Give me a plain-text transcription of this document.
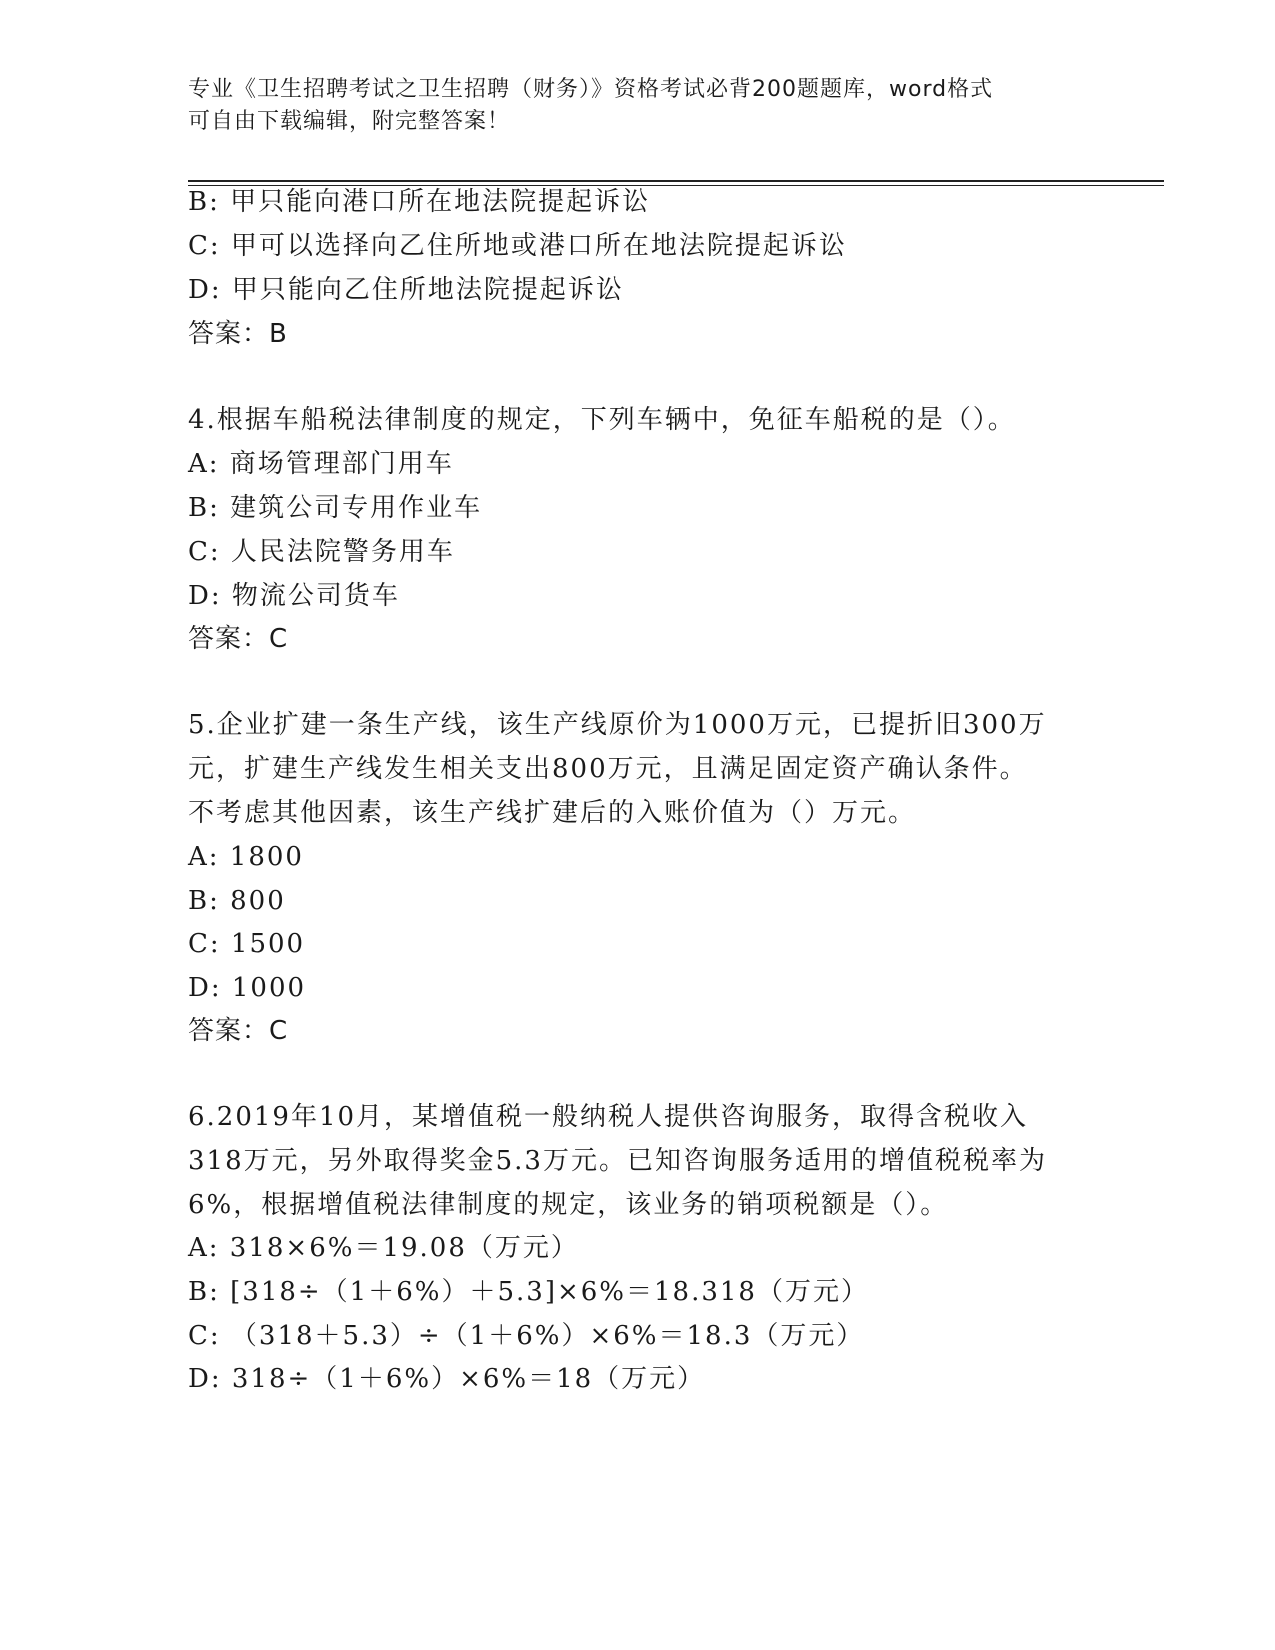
专业《卫生招聘考试之卫生招聘（财务）》资格考试必背200题题库，word格式

可自由下载编辑，附完整答案！

B: 甲只能向港口所在地法院提起诉讼
C: 甲可以选择向乙住所地或港口所在地法院提起诉讼
D: 甲只能向乙住所地法院提起诉讼
答案：B
4.根据车船税法律制度的规定，下列车辆中，免征车船税的是（）。
A: 商场管理部门用车
B: 建筑公司专用作业车
C: 人民法院警务用车
D: 物流公司货车
答案：C
5.企业扩建一条生产线，该生产线原价为1000万元，已提折旧300万
元，扩建生产线发生相关支出800万元，且满足固定资产确认条件。
不考虑其他因素，该生产线扩建后的入账价值为（）万元。
A: 1800
B: 800
C: 1500
D: 1000
答案：C
6.2019年10月，某增值税一般纳税人提供咨询服务，取得含税收入
318万元，另外取得奖金5.3万元。已知咨询服务适用的增值税税率为
6%，根据增值税法律制度的规定，该业务的销项税额是（）。
A: 318×6%＝19.08（万元）
B: [318÷（1＋6%）＋5.3]×6%＝18.318（万元）
C: （318＋5.3）÷（1＋6%）×6%＝18.3（万元）
D: 318÷（1＋6%）×6%＝18（万元）
